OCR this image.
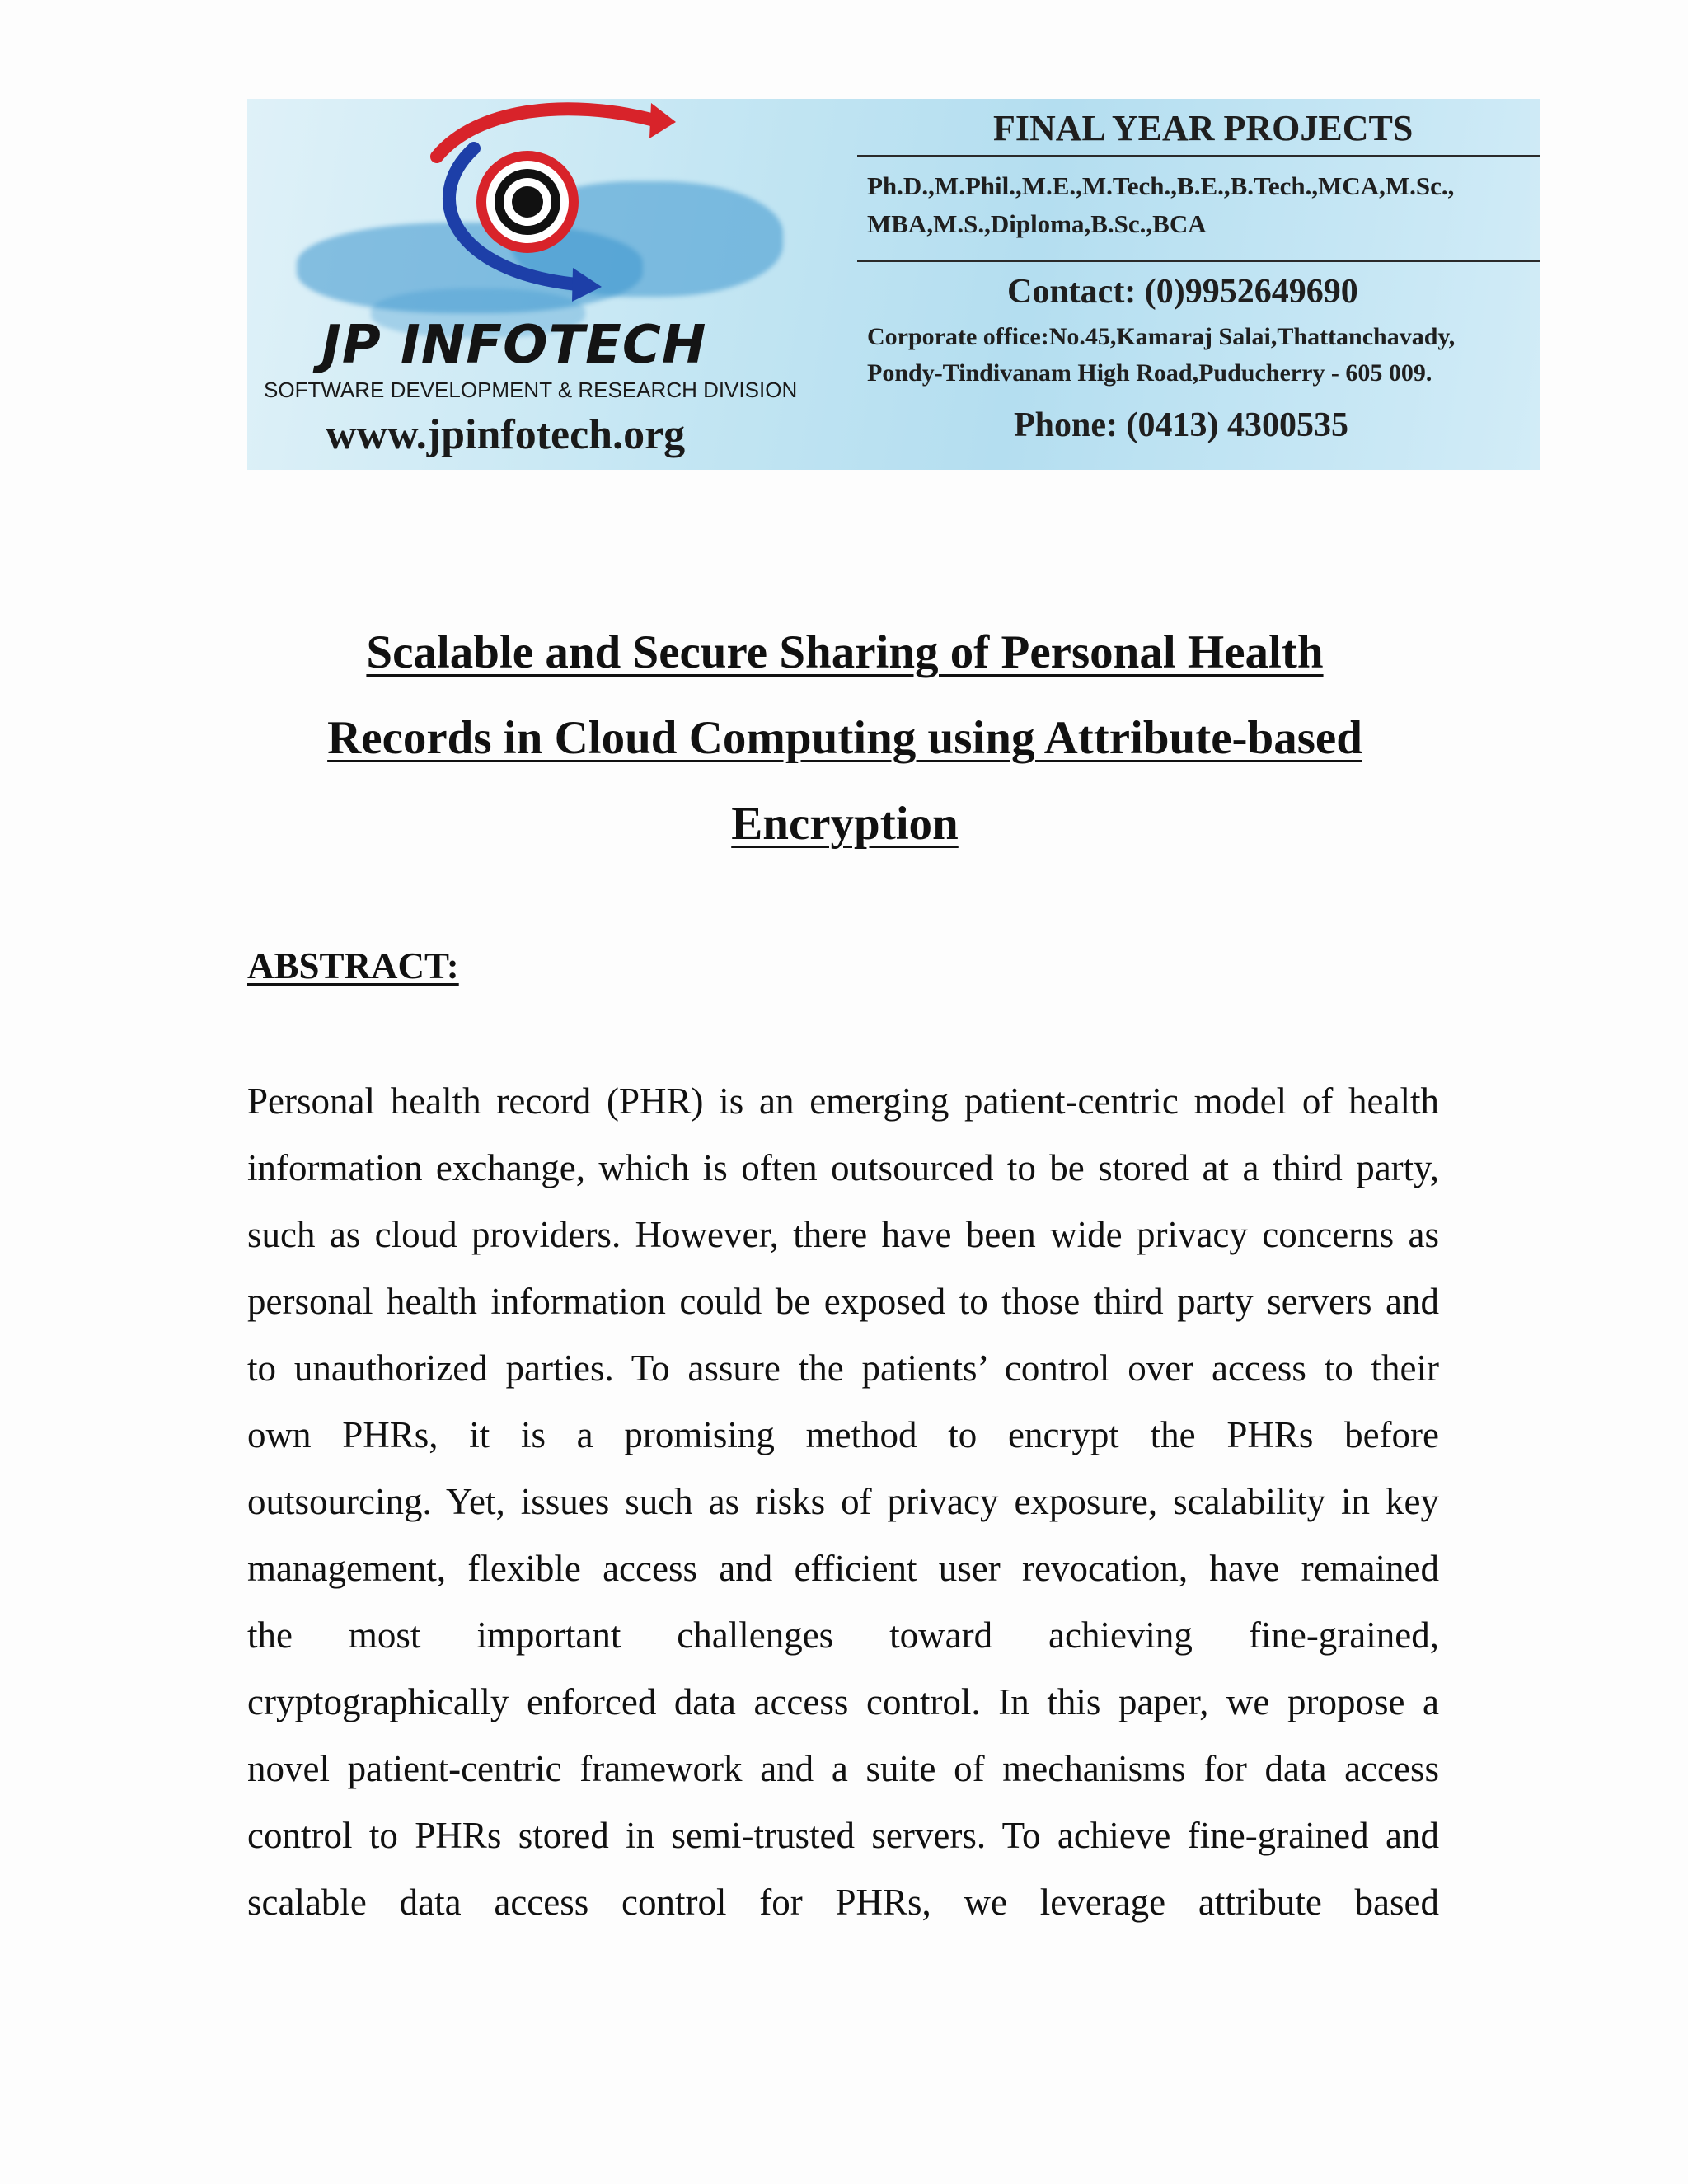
JP INFOTECH
SOFTWARE DEVELOPMENT & RESEARCH DIVISION
www.jpinfotech.org
FINAL YEAR PROJECTS
Ph.D.,M.Phil.,M.E.,M.Tech.,B.E.,B.Tech.,MCA,M.Sc.,
MBA,M.S.,Diploma,B.Sc.,BCA
Contact: (0)9952649690
Corporate office:No.45,Kamaraj Salai,Thattanchavady,
Pondy-Tindivanam High Road,Puducherry - 605 009.
Phone: (0413) 4300535
Scalable and Secure Sharing of Personal Health
Records in Cloud Computing using Attribute-based
Encryption
ABSTRACT:
Personal health record (PHR) is an emerging patient-centric model of health
information exchange, which is often outsourced to be stored at a third party,
such as cloud providers. However, there have been wide privacy concerns as
personal health information could be exposed to those third party servers and
to unauthorized parties. To assure the patients’ control over access to their
own PHRs, it is a promising method to encrypt the PHRs before
outsourcing. Yet, issues such as risks of privacy exposure, scalability in key
management, flexible access and efficient user revocation, have remained
the most important challenges toward achieving fine-grained,
cryptographically enforced data access control. In this paper, we propose a
novel patient-centric framework and a suite of mechanisms for data access
control to PHRs stored in semi-trusted servers. To achieve fine-grained and
scalable data access control for PHRs, we leverage attribute based
